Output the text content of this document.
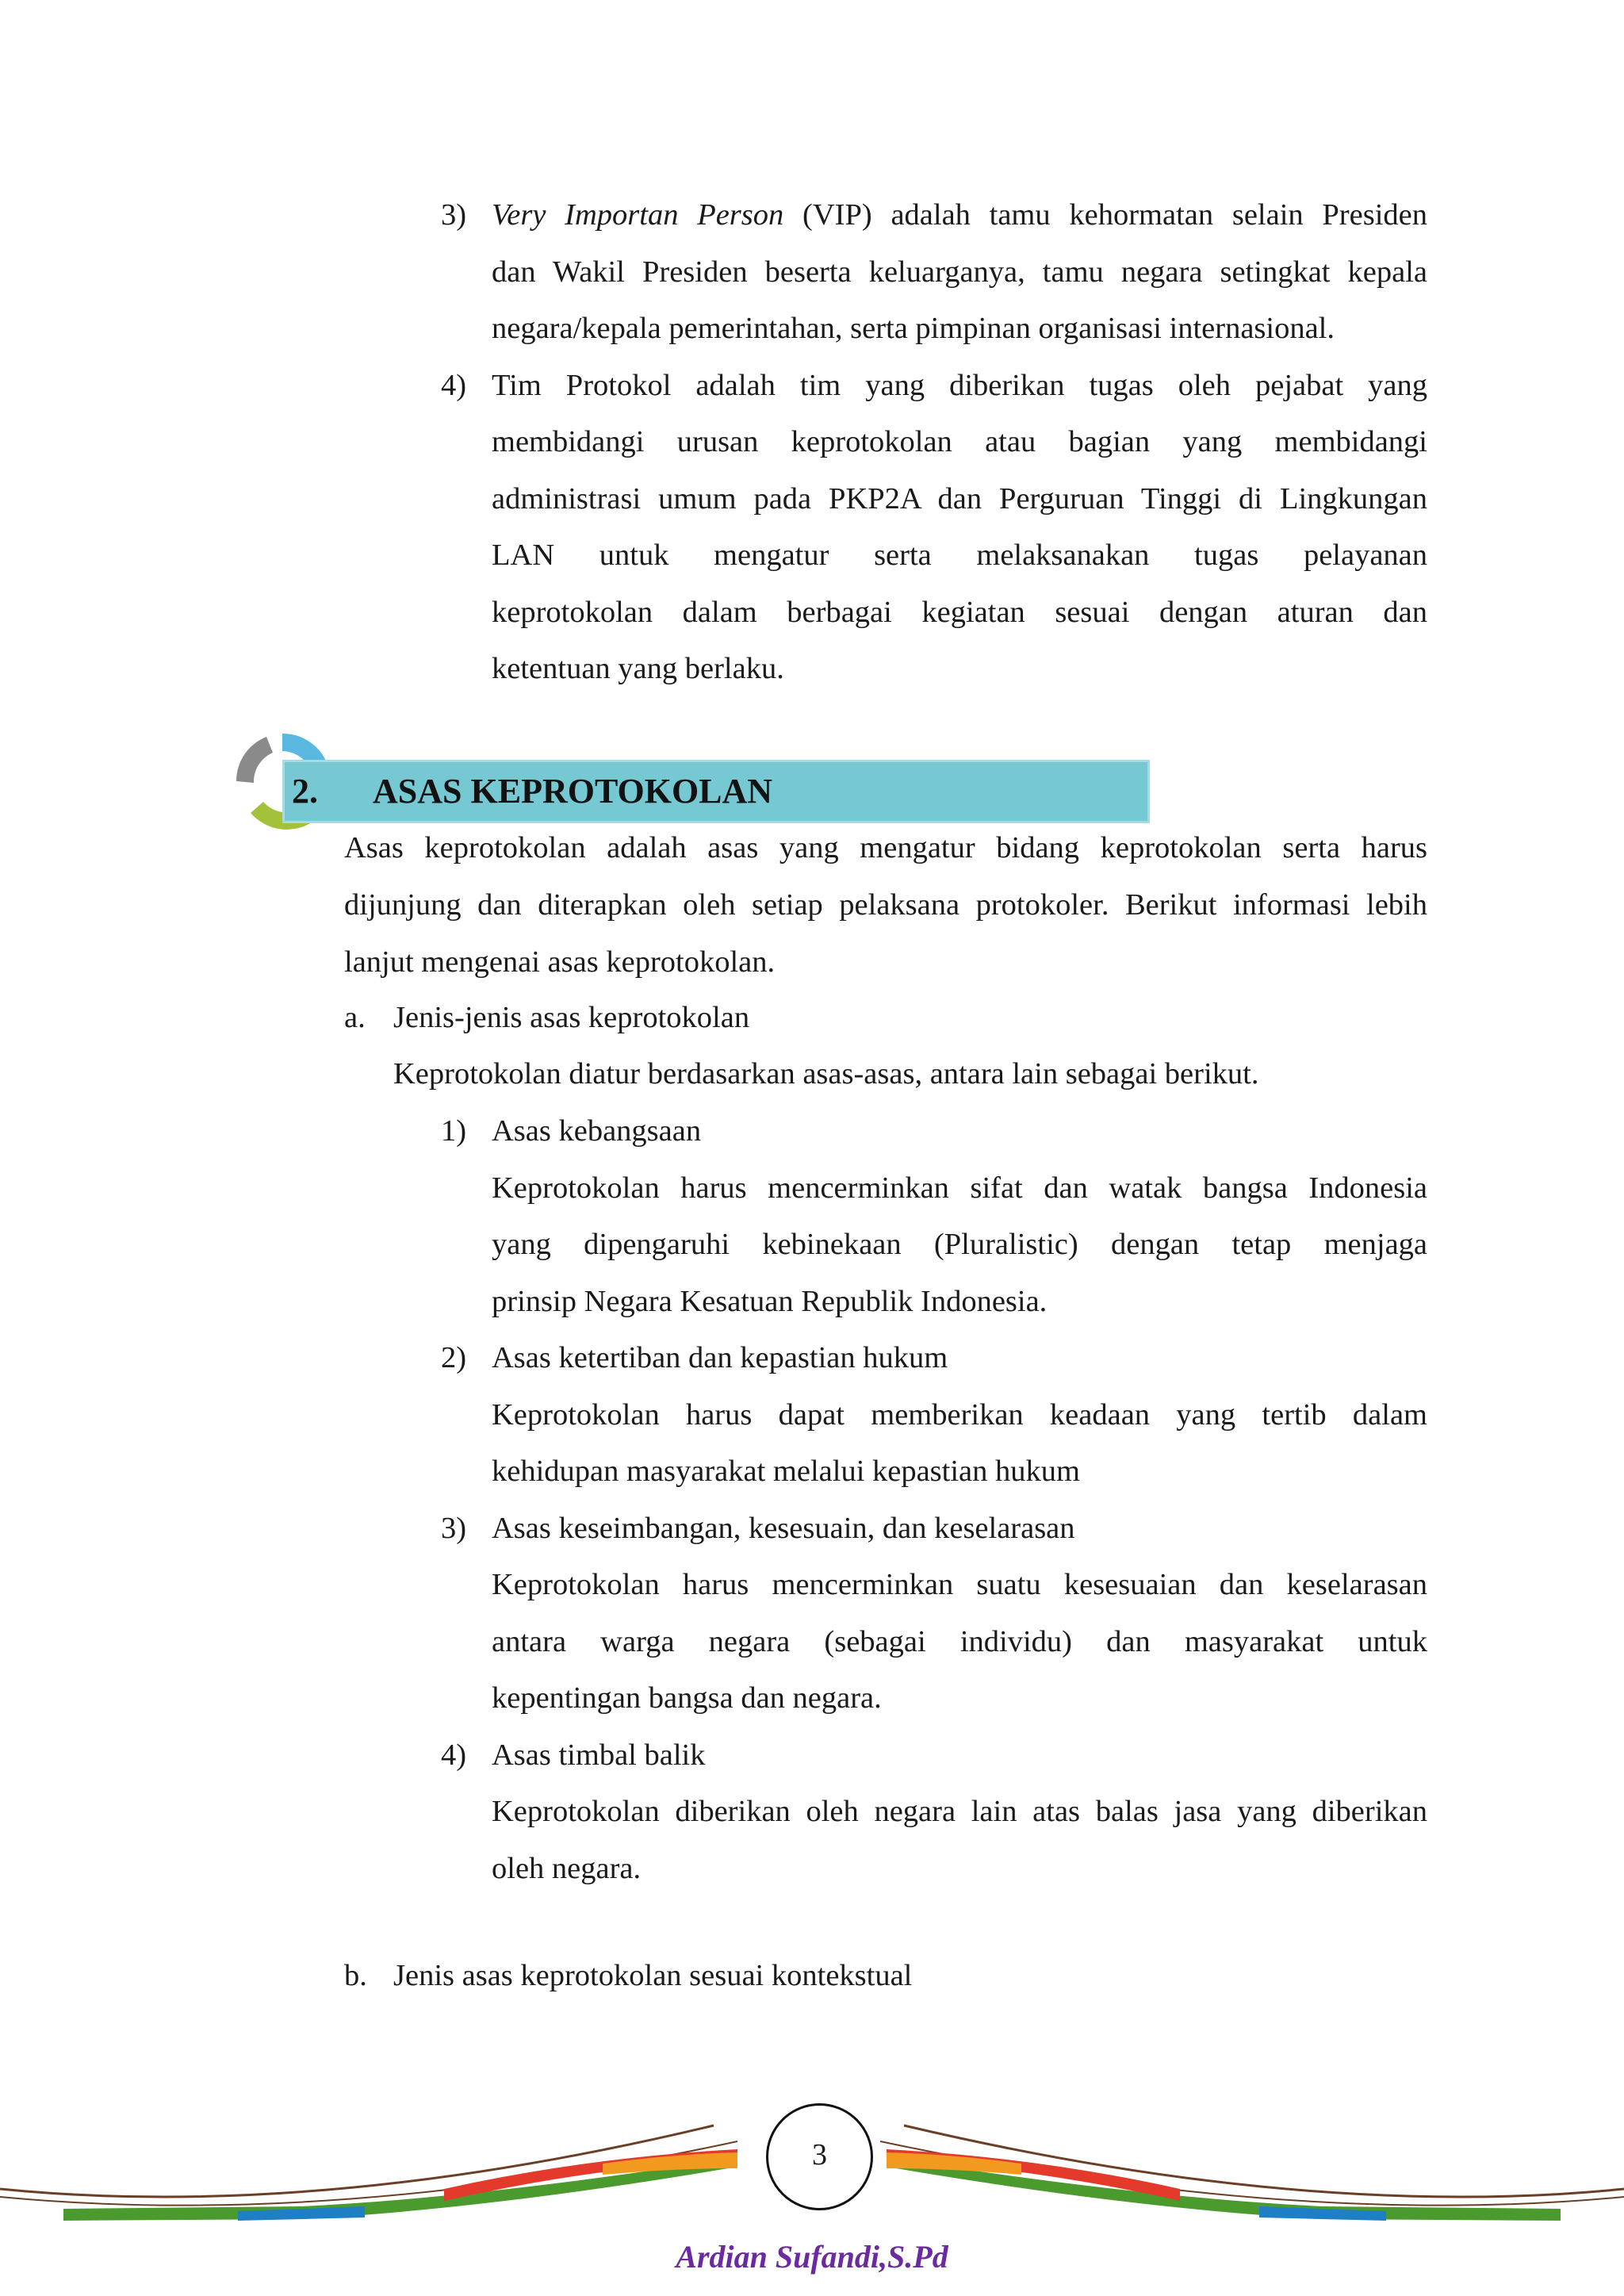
3) Very Importan Person (VIP) adalah tamu kehormatan selain Presiden
dan Wakil Presiden beserta keluarganya, tamu negara setingkat kepala
negara/kepala pemerintahan, serta pimpinan organisasi internasional.
4) Tim Protokol adalah tim yang diberikan tugas oleh pejabat yang
membidangi urusan keprotokolan atau bagian yang membidangi
administrasi umum pada PKP2A dan Perguruan Tinggi di Lingkungan
LAN untuk mengatur serta melaksanakan tugas pelayanan
keprotokolan dalam berbagai kegiatan sesuai dengan aturan dan
ketentuan yang berlaku.
2. ASAS KEPROTOKOLAN
Asas keprotokolan adalah asas yang mengatur bidang keprotokolan serta harus
dijunjung dan diterapkan oleh setiap pelaksana protokoler. Berikut informasi lebih
lanjut mengenai asas keprotokolan.
a. Jenis-jenis asas keprotokolan
Keprotokolan diatur berdasarkan asas-asas, antara lain sebagai berikut.
1) Asas kebangsaan
Keprotokolan harus mencerminkan sifat dan watak bangsa Indonesia
yang dipengaruhi kebinekaan (Pluralistic) dengan tetap menjaga
prinsip Negara Kesatuan Republik Indonesia.
2) Asas ketertiban dan kepastian hukum
Keprotokolan harus dapat memberikan keadaan yang tertib dalam
kehidupan masyarakat melalui kepastian hukum
3) Asas keseimbangan, kesesuain, dan keselarasan
Keprotokolan harus mencerminkan suatu kesesuaian dan keselarasan
antara warga negara (sebagai individu) dan masyarakat untuk
kepentingan bangsa dan negara.
4) Asas timbal balik
Keprotokolan diberikan oleh negara lain atas balas jasa yang diberikan
oleh negara.
b. Jenis asas keprotokolan sesuai kontekstual
3
Ardian Sufandi,S.Pd
